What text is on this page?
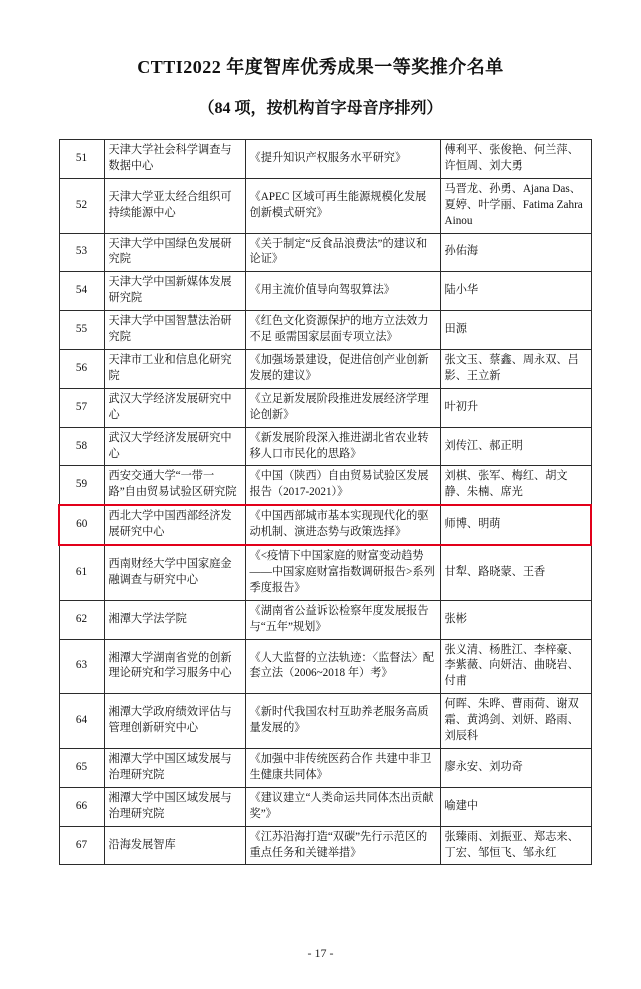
CTTI2022 年度智库优秀成果一等奖推介名单
（84 项，按机构首字母音序排列）
51	天津大学社会科学调查与数据中心	《提升知识产权服务水平研究》	傅利平、张俊艳、何兰萍、许恒周、刘大勇
52	天津大学亚太经合组织可持续能源中心	《APEC 区域可再生能源规模化发展创新模式研究》	马晋龙、孙勇、Ajana Das、夏婷、叶学丽、Fatima Zahra Ainou
53	天津大学中国绿色发展研究院	《关于制定“反食品浪费法”的建议和论证》	孙佑海
54	天津大学中国新媒体发展研究院	《用主流价值导向驾驭算法》	陆小华
55	天津大学中国智慧法治研究院	《红色文化资源保护的地方立法效力不足 亟需国家层面专项立法》	田源
56	天津市工业和信息化研究院	《加强场景建设，促进信创产业创新发展的建议》	张文玉、蔡鑫、周永双、吕影、王立新
57	武汉大学经济发展研究中心	《立足新发展阶段推进发展经济学理论创新》	叶初升
58	武汉大学经济发展研究中心	《新发展阶段深入推进湖北省农业转移人口市民化的思路》	刘传江、郝正明
59	西安交通大学“一带一路”自由贸易试验区研究院	《中国（陕西）自由贸易试验区发展报告（2017-2021）》	刘棋、张军、梅红、胡文静、朱楠、席光
60	西北大学中国西部经济发展研究中心	《中国西部城市基本实现现代化的驱动机制、演进态势与政策选择》	师博、明萌
61	西南财经大学中国家庭金融调查与研究中心	《<疫情下中国家庭的财富变动趋势——中国家庭财富指数调研报告>系列季度报告》	甘犁、路晓蒙、王香
62	湘潭大学法学院	《湖南省公益诉讼检察年度发展报告与“五年”规划》	张彬
63	湘潭大学湖南省党的创新理论研究和学习服务中心	《人大监督的立法轨迹：〈监督法〉配套立法（2006~2018 年）考》	张义清、杨胜江、李梓豪、李紫薇、向妍洁、曲晓岩、付甫
64	湘潭大学政府绩效评估与管理创新研究中心	《新时代我国农村互助养老服务高质量发展的》	何晖、朱晔、曹雨荷、谢双霜、黄鸿剑、刘妍、路雨、刘辰科
65	湘潭大学中国区域发展与治理研究院	《加强中非传统医药合作 共建中非卫生健康共同体》	廖永安、刘功奇
66	湘潭大学中国区域发展与治理研究院	《建议建立“人类命运共同体杰出贡献奖”》	喻建中
67	沿海发展智库	《江苏沿海打造“双碳”先行示范区的重点任务和关键举措》	张臻雨、刘振亚、郑志来、丁宏、邹恒飞、邹永红
- 17 -
